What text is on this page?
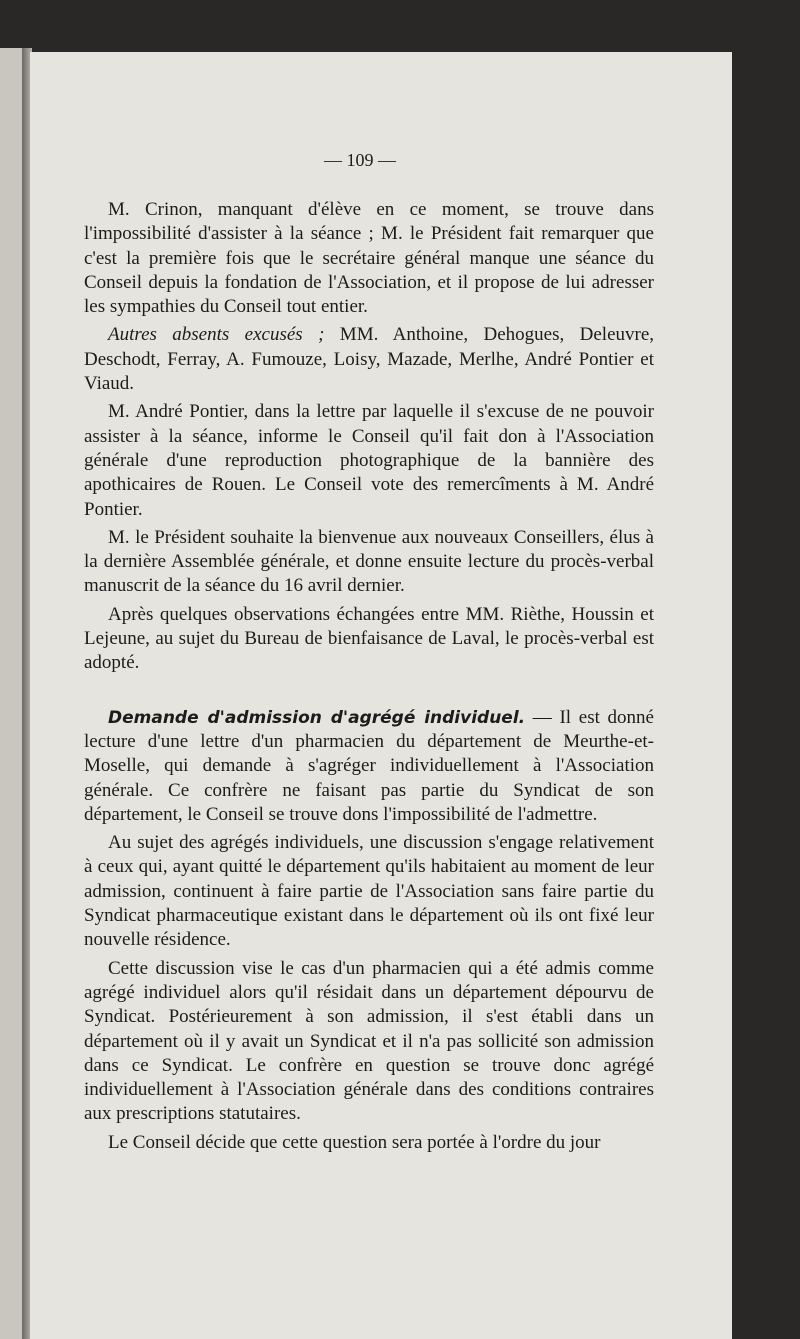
— 109 —

M. Crinon, manquant d'élève en ce moment, se trouve dans l'impossibilité d'assister à la séance ; M. le Président fait remarquer que c'est la première fois que le secrétaire général manque une séance du Conseil depuis la fondation de l'Association, et il propose de lui adresser les sympathies du Conseil tout entier.

Autres absents excusés ; MM. Anthoine, Dehogues, Deleuvre, Deschodt, Ferray, A. Fumouze, Loisy, Mazade, Merlhe, André Pontier et Viaud.

M. André Pontier, dans la lettre par laquelle il s'excuse de ne pouvoir assister à la séance, informe le Conseil qu'il fait don à l'Association générale d'une reproduction photographique de la bannière des apothicaires de Rouen. Le Conseil vote des remercîments à M. André Pontier.

M. le Président souhaite la bienvenue aux nouveaux Conseillers, élus à la dernière Assemblée générale, et donne ensuite lecture du procès-verbal manuscrit de la séance du 16 avril dernier.

Après quelques observations échangées entre MM. Rièthe, Houssin et Lejeune, au sujet du Bureau de bienfaisance de Laval, le procès-verbal est adopté.

Demande d'admission d'agrégé individuel. — Il est donné lecture d'une lettre d'un pharmacien du département de Meurthe-et-Moselle, qui demande à s'agréger individuellement à l'Association générale. Ce confrère ne faisant pas partie du Syndicat de son département, le Conseil se trouve dons l'impossibilité de l'admettre.

Au sujet des agrégés individuels, une discussion s'engage relativement à ceux qui, ayant quitté le département qu'ils habitaient au moment de leur admission, continuent à faire partie de l'Association sans faire partie du Syndicat pharmaceutique existant dans le département où ils ont fixé leur nouvelle résidence.

Cette discussion vise le cas d'un pharmacien qui a été admis comme agrégé individuel alors qu'il résidait dans un département dépourvu de Syndicat. Postérieurement à son admission, il s'est établi dans un département où il y avait un Syndicat et il n'a pas sollicité son admission dans ce Syndicat. Le confrère en question se trouve donc agrégé individuellement à l'Association générale dans des conditions contraires aux prescriptions statutaires.

Le Conseil décide que cette question sera portée à l'ordre du jour
